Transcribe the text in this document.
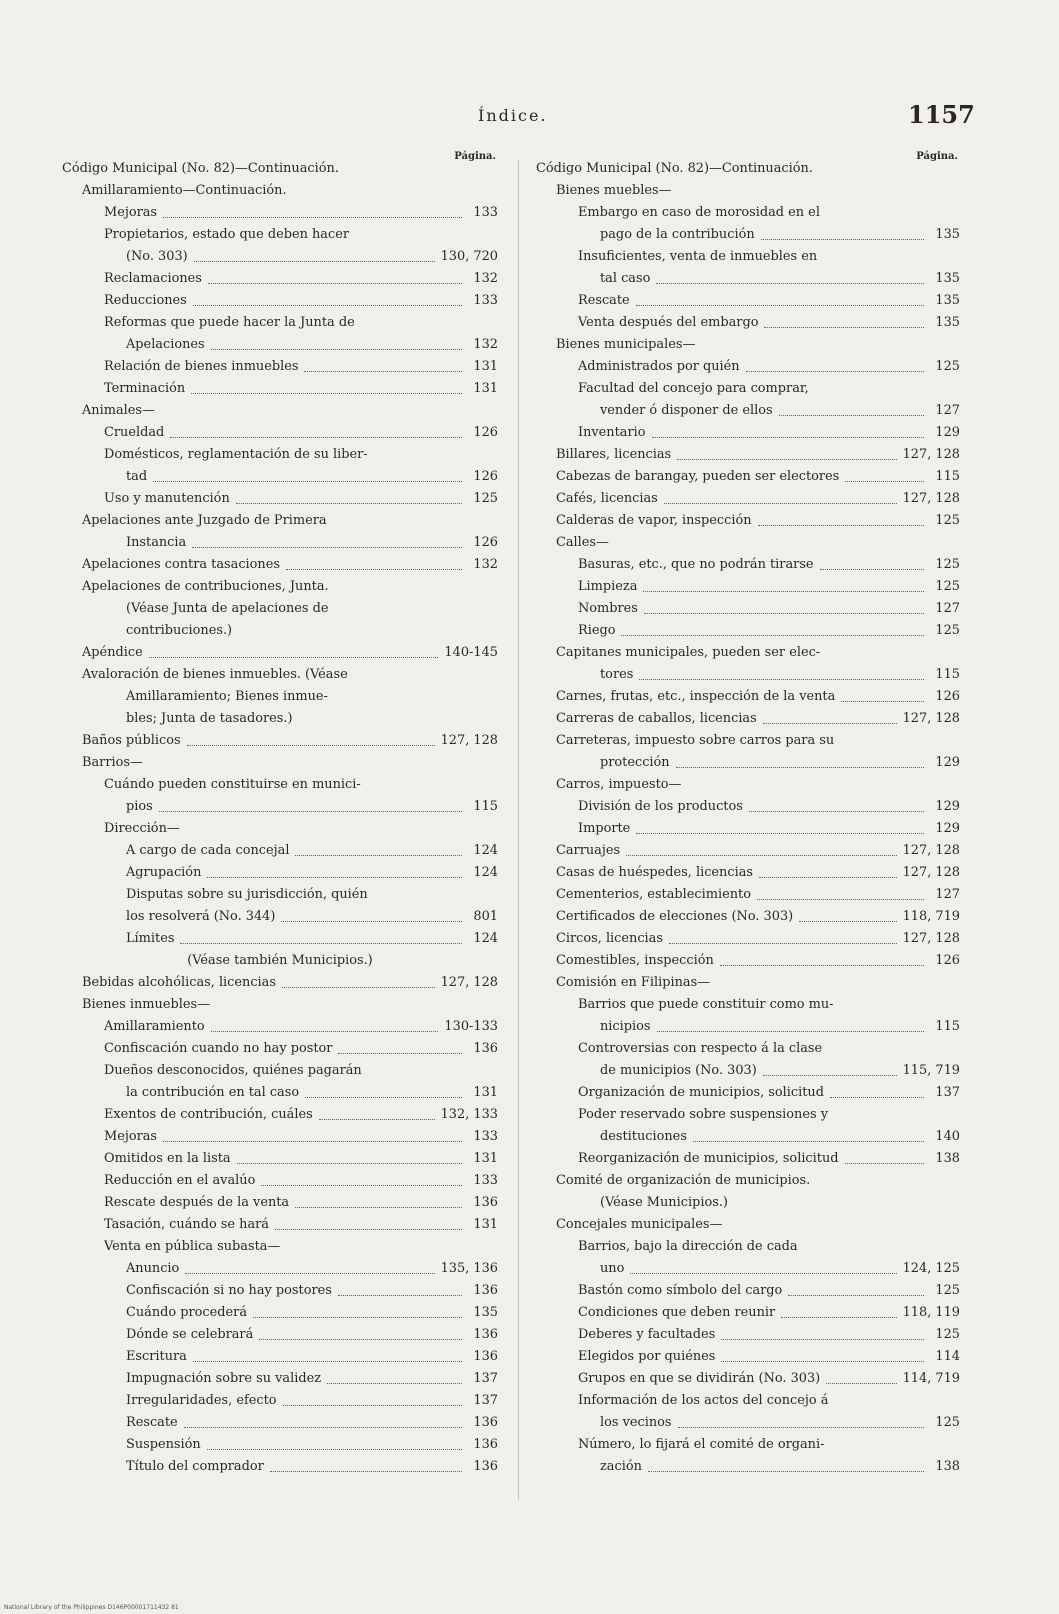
Índice.	1157
Página.
Código Municipal (No. 82)—Continuación.
Amillaramiento—Continuación.
Mejoras	133
Propietarios, estado que deben hacer
(No. 303)	130, 720
Reclamaciones	132
Reducciones	133
Reformas que puede hacer la Junta de
Apelaciones	132
Relación de bienes inmuebles	131
Terminación	131
Animales—
Crueldad	126
Domésticos, reglamentación de su liber-
tad	126
Uso y manutención	125
Apelaciones ante Juzgado de Primera
Instancia	126
Apelaciones contra tasaciones	132
Apelaciones de contribuciones, Junta.
(Véase Junta de apelaciones de
contribuciones.)
Apéndice	140-145
Avaloración de bienes inmuebles. (Véase
Amillaramiento; Bienes inmue-
bles; Junta de tasadores.)
Baños públicos	127, 128
Barrios—
Cuándo pueden constituirse en munici-
pios	115
Dirección—
A cargo de cada concejal	124
Agrupación	124
Disputas sobre su jurisdicción, quién
los resolverá (No. 344)	801
Límites	124
(Véase también Municipios.)
Bebidas alcohólicas, licencias	127, 128
Bienes inmuebles—
Amillaramiento	130-133
Confiscación cuando no hay postor	136
Dueños desconocidos, quiénes pagarán
la contribución en tal caso	131
Exentos de contribución, cuáles	132, 133
Mejoras	133
Omitidos en la lista	131
Reducción en el avalúo	133
Rescate después de la venta	136
Tasación, cuándo se hará	131
Venta en pública subasta—
Anuncio	135, 136
Confiscación si no hay postores	136
Cuándo procederá	135
Dónde se celebrará	136
Escritura	136
Impugnación sobre su validez	137
Irregularidades, efecto	137
Rescate	136
Suspensión	136
Título del comprador	136
Página.
Código Municipal (No. 82)—Continuación.
Bienes muebles—
Embargo en caso de morosidad en el
pago de la contribución	135
Insuficientes, venta de inmuebles en
tal caso	135
Rescate	135
Venta después del embargo	135
Bienes municipales—
Administrados por quién	125
Facultad del concejo para comprar,
vender ó disponer de ellos	127
Inventario	129
Billares, licencias	127, 128
Cabezas de barangay, pueden ser electores	115
Cafés, licencias	127, 128
Calderas de vapor, inspección	125
Calles—
Basuras, etc., que no podrán tirarse	125
Limpieza	125
Nombres	127
Riego	125
Capitanes municipales, pueden ser elec-
tores	115
Carnes, frutas, etc., inspección de la venta	126
Carreras de caballos, licencias	127, 128
Carreteras, impuesto sobre carros para su
protección	129
Carros, impuesto—
División de los productos	129
Importe	129
Carruajes	127, 128
Casas de huéspedes, licencias	127, 128
Cementerios, establecimiento	127
Certificados de elecciones (No. 303)	118, 719
Circos, licencias	127, 128
Comestibles, inspección	126
Comisión en Filipinas—
Barrios que puede constituir como mu-
nicipios	115
Controversias con respecto á la clase
de municipios (No. 303)	115, 719
Organización de municipios, solicitud	137
Poder reservado sobre suspensiones y
destituciones	140
Reorganización de municipios, solicitud	138
Comité de organización de municipios.
(Véase Municipios.)
Concejales municipales—
Barrios, bajo la dirección de cada
uno	124, 125
Bastón como símbolo del cargo	125
Condiciones que deben reunir	118, 119
Deberes y facultades	125
Elegidos por quiénes	114
Grupos en que se dividirán (No. 303)	114, 719
Información de los actos del concejo á
los vecinos	125
Número, lo fijará el comité de organi-
zación	138
National Library of the Philippines D146P00001711432 81
